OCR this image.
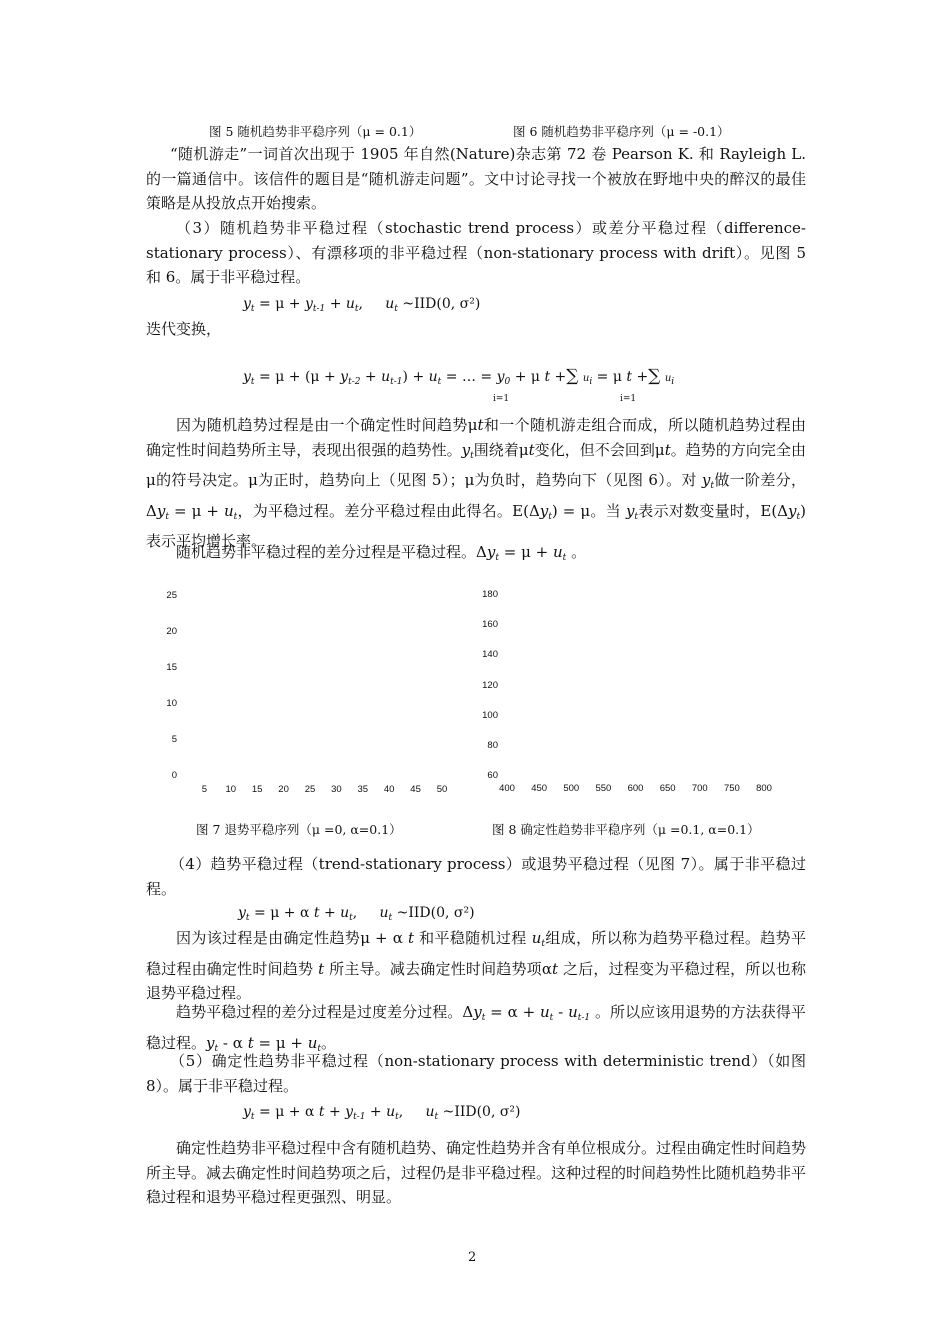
图 5 随机趋势非平稳序列（μ = 0.1）	图 6 随机趋势非平稳序列（μ = -0.1）

“随机游走”一词首次出现于 1905 年自然(Nature)杂志第 72 卷 Pearson K. 和 Rayleigh L.的一篇通信中。该信件的题目是“随机游走问题”。文中讨论寻找一个被放在野地中央的醉汉的最佳策略是从投放点开始搜索。

（3）随机趋势非平稳过程（stochastic trend process）或差分平稳过程（difference-stationary process）、有漂移项的非平稳过程（non-stationary process with drift）。见图 5 和 6。属于非平稳过程。

$y_t = \mu + y_{t-1} + u_t$, $u_t$ ~IID(0, σ²)
迭代变换，
$y_t = \mu + (\mu + y_{t-2} + u_{t-1}) + u_t$ = … = $y_0 + \mu$ t +∑ $u_i = \mu$ t +∑ $u_i$
i=1	i=1

因为随机趋势过程是由一个确定性时间趋势μt和一个随机游走组合而成，所以随机趋势过程由确定性时间趋势所主导，表现出很强的趋势性。$y_t$围绕着μt变化，但不会回到μt。趋势的方向完全由μ的符号决定。μ为正时，趋势向上（见图 5）；μ为负时，趋势向下（见图 6）。对 $y_t$做一阶差分，$\Delta y_t = \mu + u_t$，为平稳过程。差分平稳过程由此得名。$E(\Delta y_t) = \mu$。当 $y_t$表示对数变量时，$E(\Delta y_t)$表示平均增长率。

随机趋势非平稳过程的差分过程是平稳过程。$\Delta y_t = \mu + u_t$ 。

0
5
10
15
20
25
5	10	15	20	25	30	35	40	45	50
60
80
100
120
140
160
180
400	450	500	550	600	650	700	750	800
图 7 退势平稳序列（μ =0, α=0.1）	图 8 确定性趋势非平稳序列（μ =0.1, α=0.1）

（4）趋势平稳过程（trend-stationary process）或退势平稳过程（见图 7）。属于非平稳过程。

$y_t = \mu + \alpha$ $t + u_t$, $u_t$ ~IID(0, σ²)

因为该过程是由确定性趋势μ + α t 和平稳随机过程 $u_t$组成，所以称为趋势平稳过程。趋势平稳过程由确定性时间趋势 t 所主导。减去确定性时间趋势项αt 之后，过程变为平稳过程，所以也称退势平稳过程。

趋势平稳过程的差分过程是过度差分过程。$\Delta y_t = \alpha + u_t - u_{t-1}$ 。所以应该用退势的方法获得平稳过程。$y_t$ - α $t = \mu + u_t$。

（5）确定性趋势非平稳过程（non-stationary process with deterministic trend）（如图 8）。属于非平稳过程。

$y_t = \mu + \alpha$ $t + y_{t-1} + u_t$, $u_t$ ~IID(0, σ²)

确定性趋势非平稳过程中含有随机趋势、确定性趋势并含有单位根成分。过程由确定性时间趋势所主导。减去确定性时间趋势项之后，过程仍是非平稳过程。这种过程的时间趋势性比随机趋势非平稳过程和退势平稳过程更强烈、明显。

2
